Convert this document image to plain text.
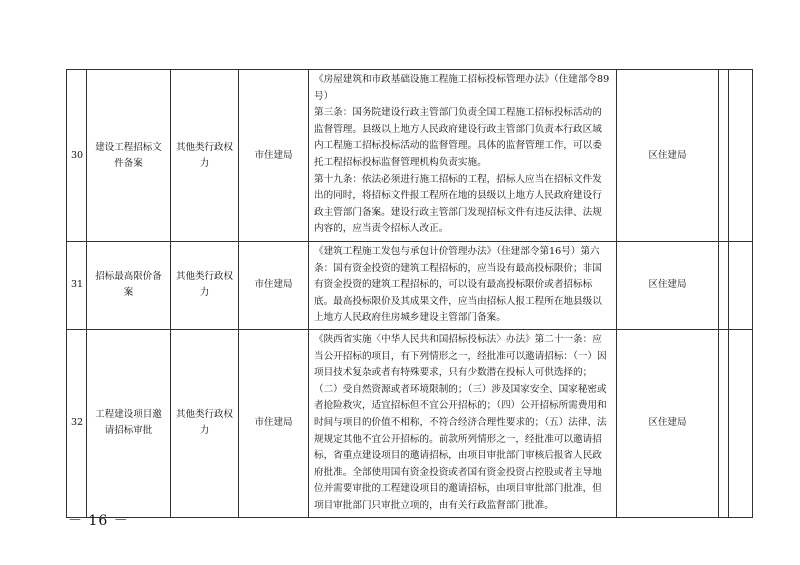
30	建设工程招标文件备案	其他类行政权力	市住建局	《房屋建筑和市政基础设施工程施工招标投标管理办法》（住建部令89号）

第三条：国务院建设行政主管部门负责全国工程施工招标投标活动的监督管理。县级以上地方人民政府建设行政主管部门负责本行政区域内工程施工招标投标活动的监督管理。具体的监督管理工作，可以委托工程招标投标监督管理机构负责实施。

第十九条：依法必须进行施工招标的工程，招标人应当在招标文件发出的同时，将招标文件报工程所在地的县级以上地方人民政府建设行政主管部门备案。建设行政主管部门发现招标文件有违反法律、法规内容的，应当责令招标人改正。	区住建局		
31	招标最高限价备案	其他类行政权力	市住建局	《建筑工程施工发包与承包计价管理办法》（住建部令第16号）第六条：国有资金投资的建筑工程招标的，应当设有最高投标限价；非国有资金投资的建筑工程招标的，可以设有最高投标限价或者招标标底。最高投标限价及其成果文件，应当由招标人报工程所在地县级以上地方人民政府住房城乡建设主管部门备案。	区住建局		
32	工程建设项目邀请招标审批	其他类行政权力	市住建局	《陕西省实施〈中华人民共和国招标投标法〉办法》第二十一条：应当公开招标的项目，有下列情形之一，经批准可以邀请招标：（一）因项目技术复杂或者有特殊要求，只有少数潜在投标人可供选择的；（二）受自然资源或者环境限制的；（三）涉及国家安全、国家秘密或者抢险救灾，适宜招标但不宜公开招标的；（四）公开招标所需费用和时间与项目的价值不相称，不符合经济合理性要求的；（五）法律、法规规定其他不宜公开招标的。前款所列情形之一，经批准可以邀请招标，省重点建设项目的邀请招标，由项目审批部门审核后报省人民政府批准。全部使用国有资金投资或者国有资金投资占控股或者主导地位并需要审批的工程建设项目的邀请招标，由项目审批部门批准，但项目审批部门只审批立项的，由有关行政监督部门批准。	区住建局		
－ 16 －
